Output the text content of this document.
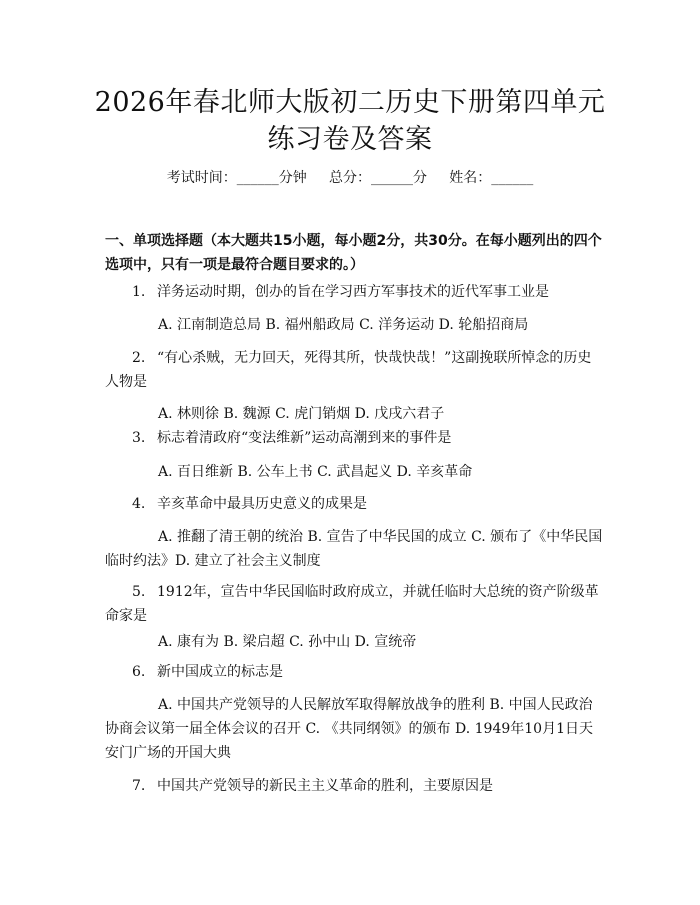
2026年春北师大版初二历史下册第四单元练习卷及答案
考试时间：______分钟     总分：______分     姓名：______
一、单项选择题（本大题共15小题，每小题2分，共30分。在每小题列出的四个选项中，只有一项是最符合题目要求的。）
1. 洋务运动时期，创办的旨在学习西方军事技术的近代军事工业是
A. 江南制造总局 B. 福州船政局 C. 洋务运动 D. 轮船招商局
2. “有心杀贼，无力回天，死得其所，快哉快哉！”这副挽联所悼念的历史人物是
A. 林则徐 B. 魏源 C. 虎门销烟 D. 戊戌六君子
3. 标志着清政府“变法维新”运动高潮到来的事件是
A. 百日维新 B. 公车上书 C. 武昌起义 D. 辛亥革命
4. 辛亥革命中最具历史意义的成果是
A. 推翻了清王朝的统治 B. 宣告了中华民国的成立 C. 颁布了《中华民国临时约法》D. 建立了社会主义制度
5. 1912年，宣告中华民国临时政府成立，并就任临时大总统的资产阶级革命家是
A. 康有为 B. 梁启超 C. 孙中山 D. 宣统帝
6. 新中国成立的标志是
A. 中国共产党领导的人民解放军取得解放战争的胜利 B. 中国人民政治协商会议第一届全体会议的召开 C. 《共同纲领》的颁布 D. 1949年10月1日天安门广场的开国大典
7. 中国共产党领导的新民主主义革命的胜利，主要原因是
